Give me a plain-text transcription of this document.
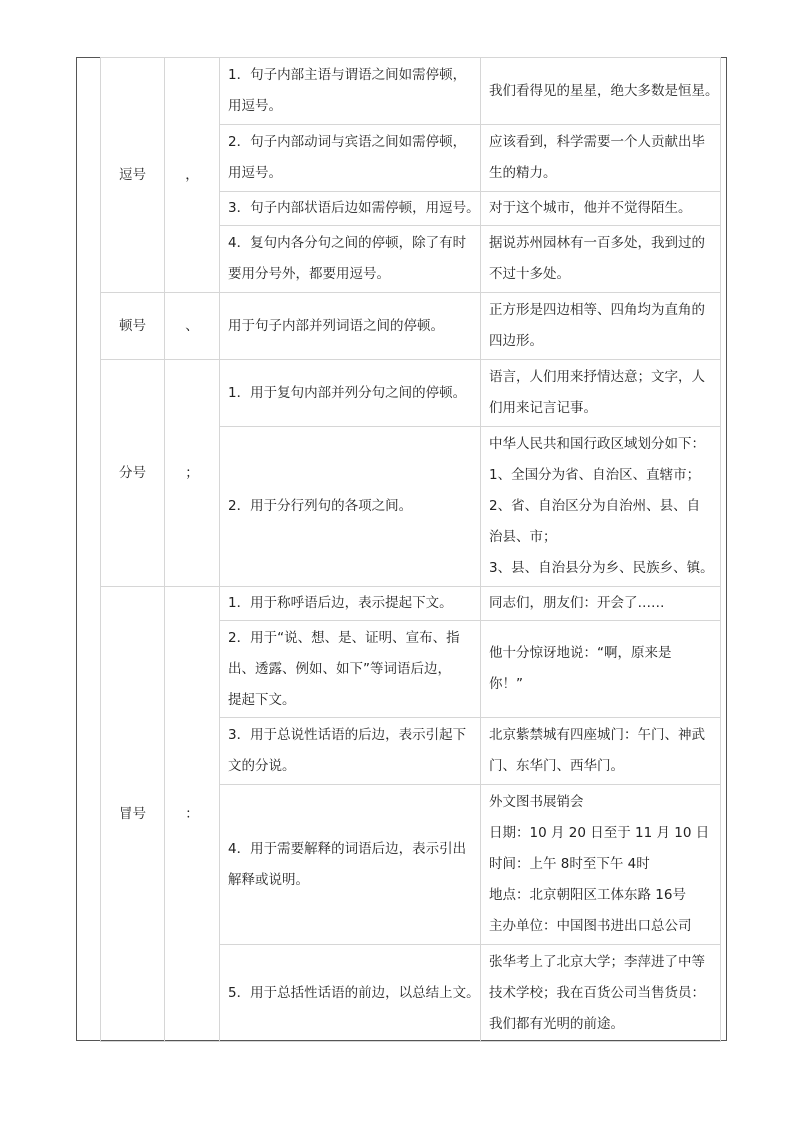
逗号	，	1．句子内部主语与谓语之间如需停顿，
用逗号。	我们看得见的星星，绝大多数是恒星。

		2．句子内部动词与宾语之间如需停顿，
用逗号。	应该看到，科学需要一个人贡献出毕
生的精力。

		3．句子内部状语后边如需停顿，用逗号。	对于这个城市，他并不觉得陌生。

		4．复句内各分句之间的停顿，除了有时
要用分号外，都要用逗号。	据说苏州园林有一百多处，我到过的
不过十多处。

顿号	、	用于句子内部并列词语之间的停顿。	正方形是四边相等、四角均为直角的
四边形。

分号	；	1．用于复句内部并列分句之间的停顿。	语言，人们用来抒情达意；文字，人
们用来记言记事。

		2．用于分行列句的各项之间。	中华人民共和国行政区域划分如下：
1、全国分为省、自治区、直辖市；
2、省、自治区分为自治州、县、自
治县、市；
3、县、自治县分为乡、民族乡、镇。

冒号	：	1．用于称呼语后边，表示提起下文。	同志们，朋友们：开会了……

		2．用于“说、想、是、证明、宣布、指
出、透露、例如、如下”等词语后边，
提起下文。	他十分惊讶地说：“啊，原来是
你！”

		3．用于总说性话语的后边，表示引起下
文的分说。	北京紫禁城有四座城门：午门、神武
门、东华门、西华门。

		4．用于需要解释的词语后边，表示引出
解释或说明。	外文图书展销会
日期：10 月 20 日至于 11 月 10 日
时间：上午 8时至下午 4时
地点：北京朝阳区工体东路 16号
主办单位：中国图书进出口总公司

		5．用于总括性话语的前边，以总结上文。	张华考上了北京大学；李萍进了中等
技术学校；我在百货公司当售货员：
我们都有光明的前途。
